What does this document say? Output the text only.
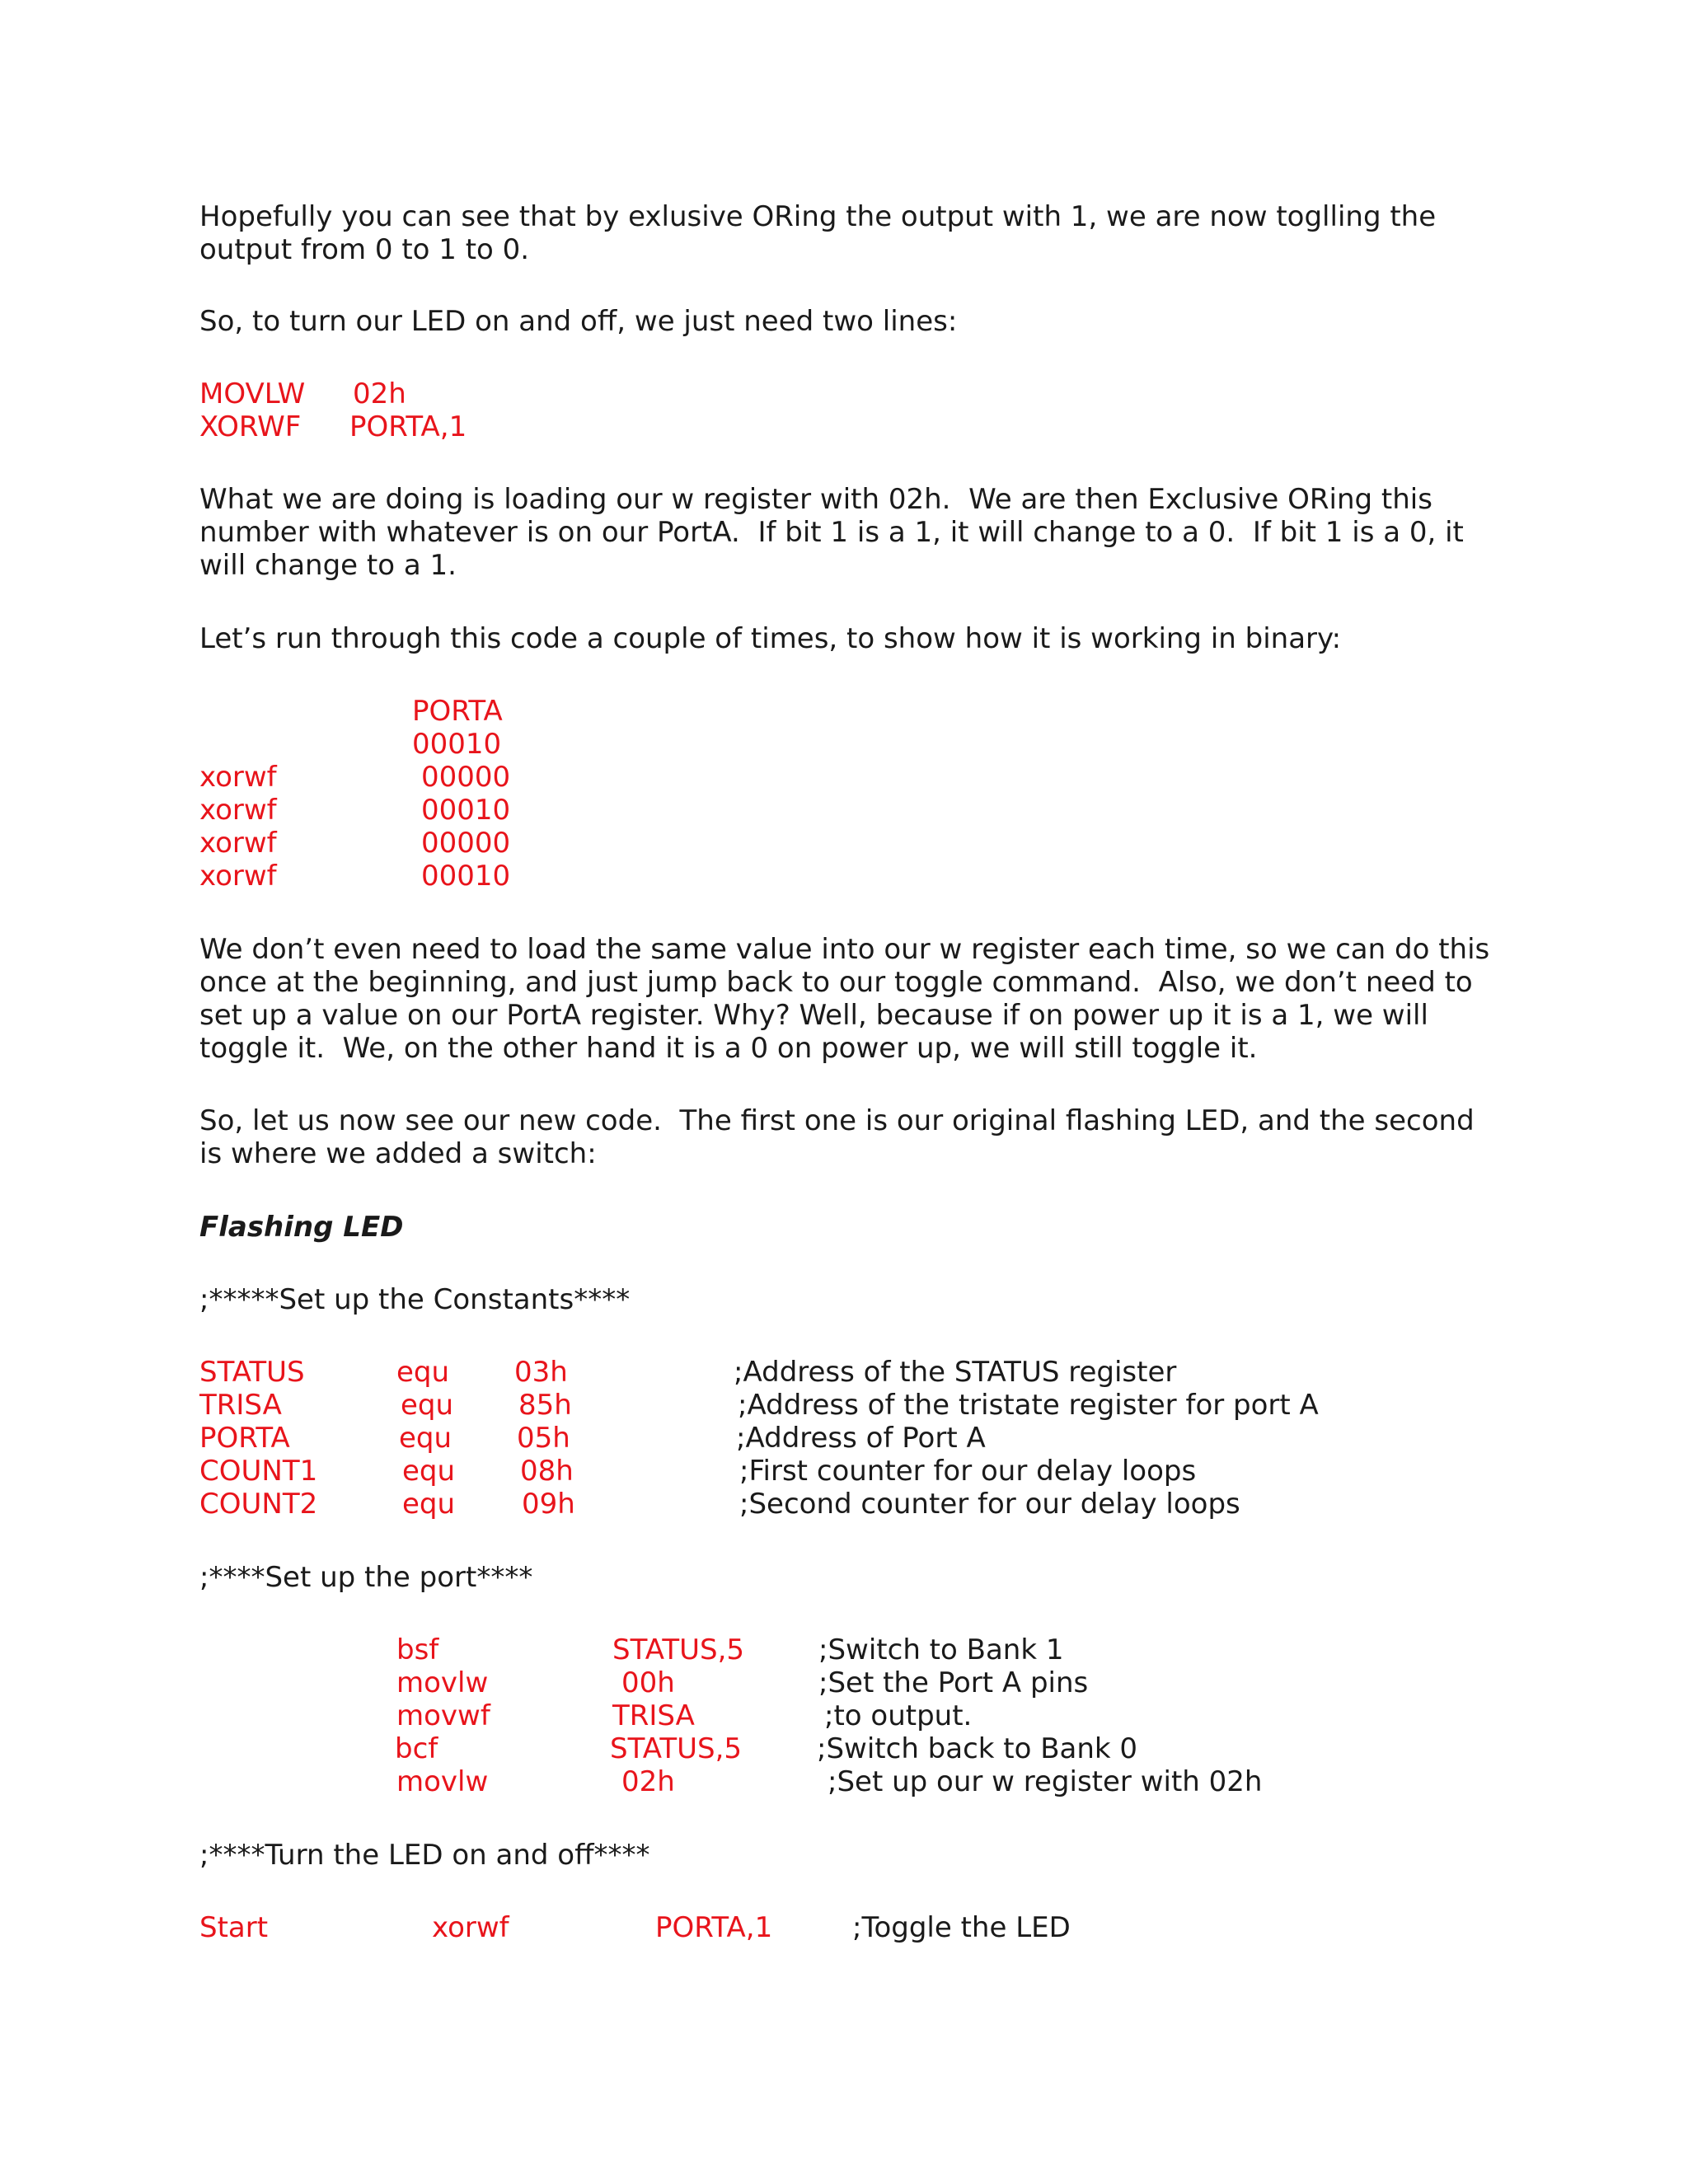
Hopefully you can see that by exlusive ORing the output with 1, we are now toglling the
output from 0 to 1 to 0.
So, to turn our LED on and off, we just need two lines:
MOVLW 02h
XORWF PORTA,1
What we are doing is loading our w register with 02h.  We are then Exclusive ORing this
number with whatever is on our PortA.  If bit 1 is a 1, it will change to a 0.  If bit 1 is a 0, it
will change to a 1.
Let’s run through this code a couple of times, to show how it is working in binary:
PORTA
00010
xorwf	00000
xorwf	00010
xorwf	00000
xorwf	00010
We don’t even need to load the same value into our w register each time, so we can do this
once at the beginning, and just jump back to our toggle command.  Also, we don’t need to
set up a value on our PortA register. Why? Well, because if on power up it is a 1, we will
toggle it.  We, on the other hand it is a 0 on power up, we will still toggle it.
So, let us now see our new code.  The first one is our original flashing LED, and the second
is where we added a switch:
Flashing LED
;*****Set up the Constants****
STATUS	equ 03h	;Address of the STATUS register
TRISA	equ 85h	;Address of the tristate register for port A
PORTA	equ 05h	;Address of Port A
COUNT1	equ 08h	;First counter for our delay loops
COUNT2	equ 09h	;Second counter for our delay loops
;****Set up the port****
bsf	STATUS,5	;Switch to Bank 1
movlw	00h	;Set the Port A pins
movwf	TRISA	;to output.
bcf	STATUS,5	;Switch back to Bank 0
movlw	02h	;Set up our w register with 02h
;****Turn the LED on and off****
Start	xorwf	PORTA,1	;Toggle the LED
